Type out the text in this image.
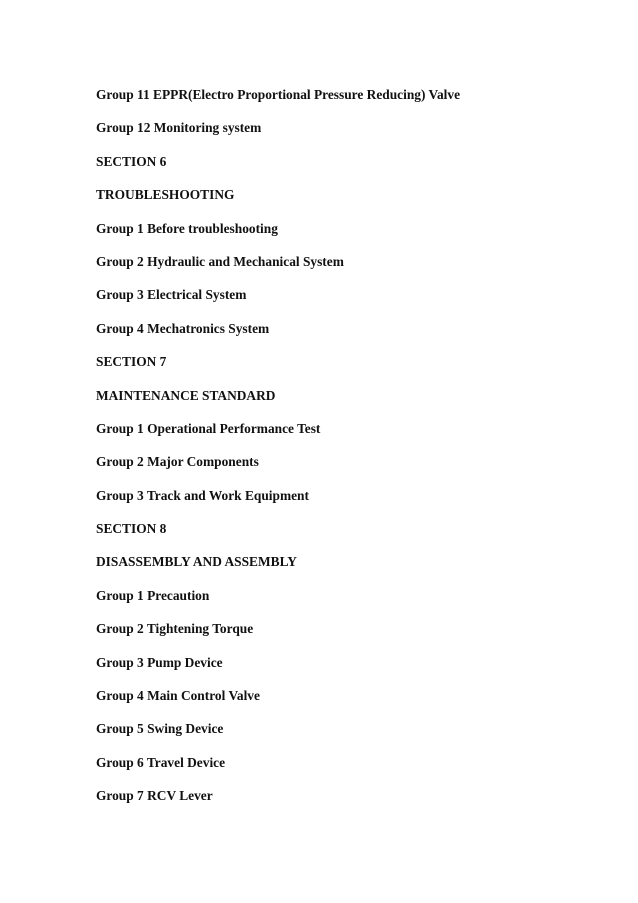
Group 11 EPPR(Electro Proportional Pressure Reducing) Valve
Group 12 Monitoring system
SECTION 6
TROUBLESHOOTING
Group 1 Before troubleshooting
Group 2 Hydraulic and Mechanical System
Group 3 Electrical System
Group 4 Mechatronics System
SECTION 7
MAINTENANCE STANDARD
Group 1 Operational Performance Test
Group 2 Major Components
Group 3 Track and Work Equipment
SECTION 8
DISASSEMBLY AND ASSEMBLY
Group 1 Precaution
Group 2 Tightening Torque
Group 3 Pump Device
Group 4 Main Control Valve
Group 5 Swing Device
Group 6 Travel Device
Group 7 RCV Lever
